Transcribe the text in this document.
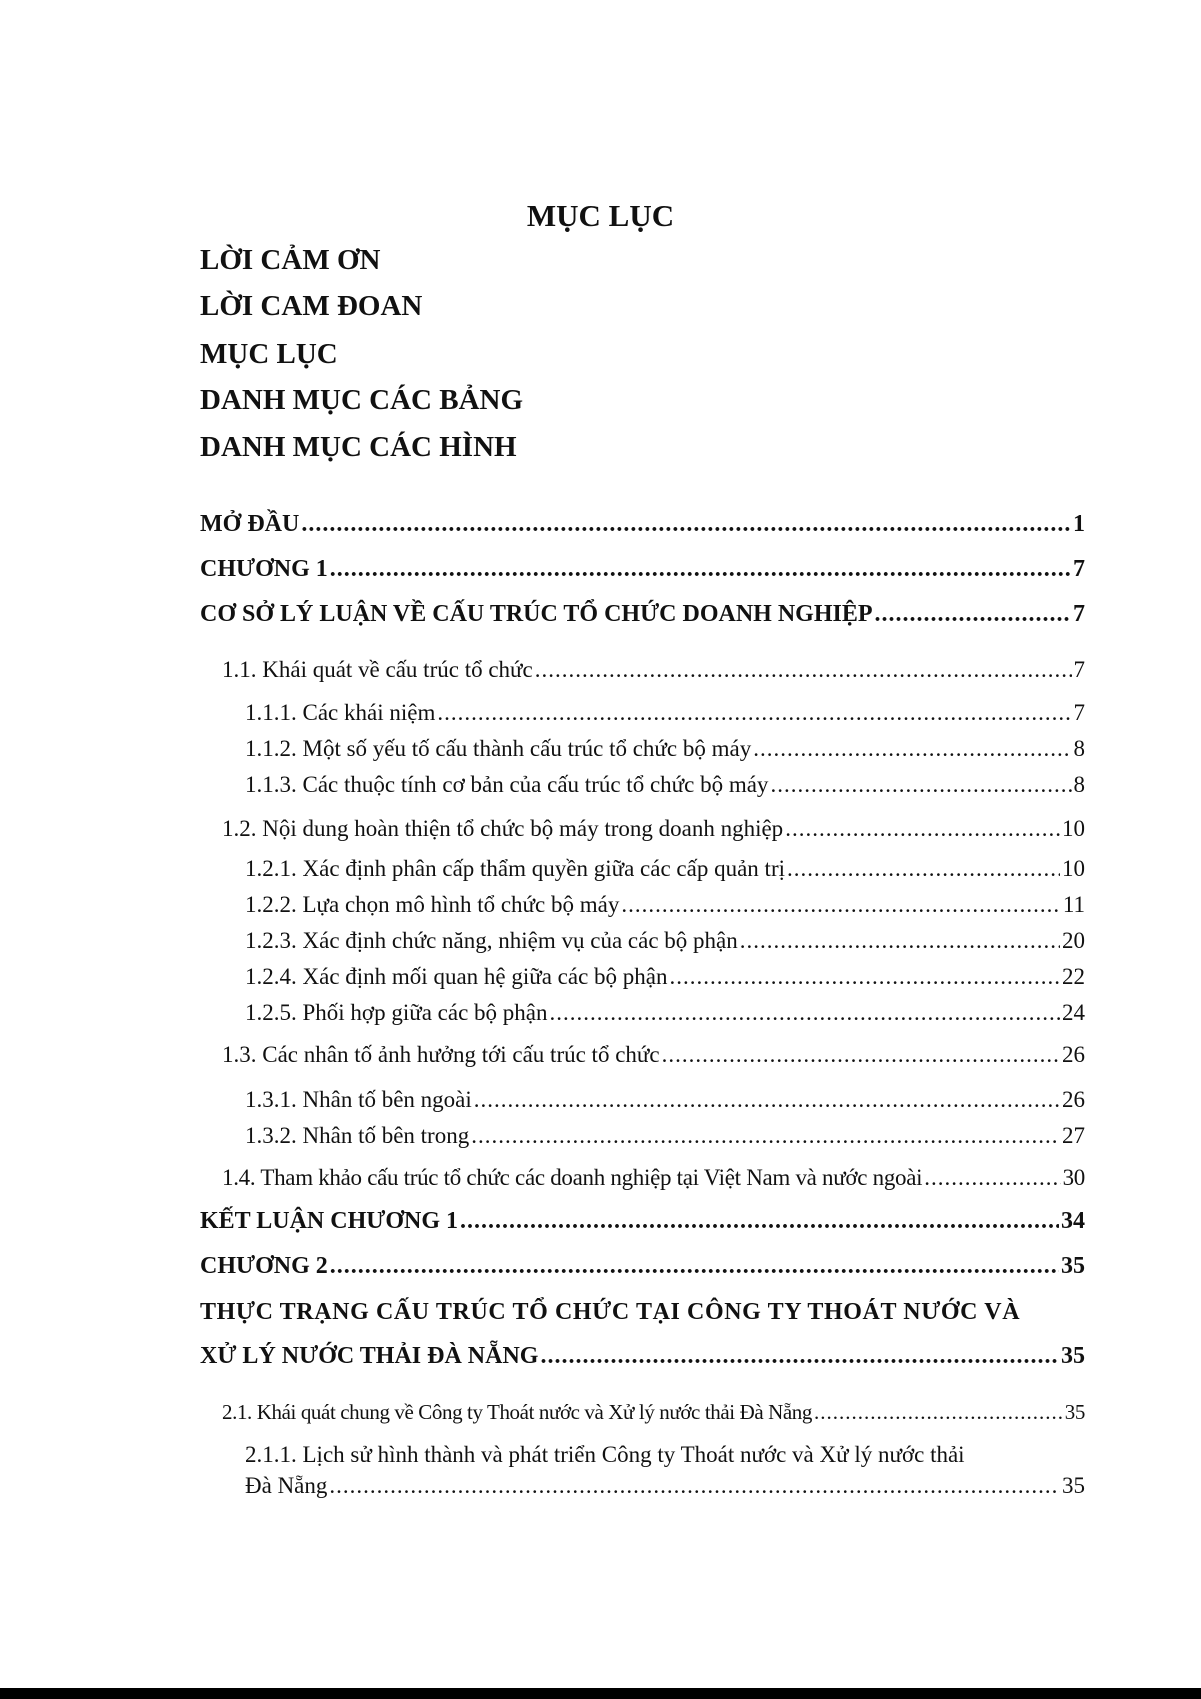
MỤC LỤC
LỜI CẢM ƠN
LỜI CAM ĐOAN
MỤC LỤC
DANH MỤC CÁC BẢNG
DANH MỤC CÁC HÌNH
MỞ ĐẦU .....	1
CHƯƠNG 1 .....	7
CƠ SỞ LÝ LUẬN VỀ CẤU TRÚC TỔ CHỨC DOANH NGHIỆP .....	7
1.1. Khái quát về cấu trúc tổ chức .....	7
1.1.1. Các khái niệm .....	7
1.1.2. Một số yếu tố cấu thành cấu trúc tổ chức bộ máy .....	8
1.1.3. Các thuộc tính cơ bản của cấu trúc tổ chức bộ máy .....	8
1.2. Nội dung hoàn thiện tổ chức bộ máy trong doanh nghiệp .....	10
1.2.1. Xác định phân cấp thẩm quyền giữa các cấp quản trị .....	10
1.2.2. Lựa chọn mô hình tổ chức bộ máy .....	11
1.2.3. Xác định chức năng, nhiệm vụ của các bộ phận .....	20
1.2.4. Xác định mối quan hệ giữa các bộ phận .....	22
1.2.5. Phối hợp giữa các bộ phận .....	24
1.3. Các nhân tố ảnh hưởng tới cấu trúc tổ chức .....	26
1.3.1. Nhân tố bên ngoài .....	26
1.3.2. Nhân tố bên trong .....	27
1.4. Tham khảo cấu trúc tổ chức các doanh nghiệp tại Việt Nam và nước ngoài .....	30
KẾT LUẬN CHƯƠNG 1 .....	34
CHƯƠNG 2 .....	35
THỰC TRẠNG CẤU TRÚC TỔ CHỨC TẠI CÔNG TY THOÁT NƯỚC VÀ
XỬ LÝ NƯỚC THẢI ĐÀ NẴNG .....	35
2.1. Khái quát chung về Công ty Thoát nước và Xử lý nước thải Đà Nẵng .....	35
2.1.1. Lịch sử hình thành và phát triển Công ty Thoát nước và Xử lý nước thải
Đà Nẵng .....	35
